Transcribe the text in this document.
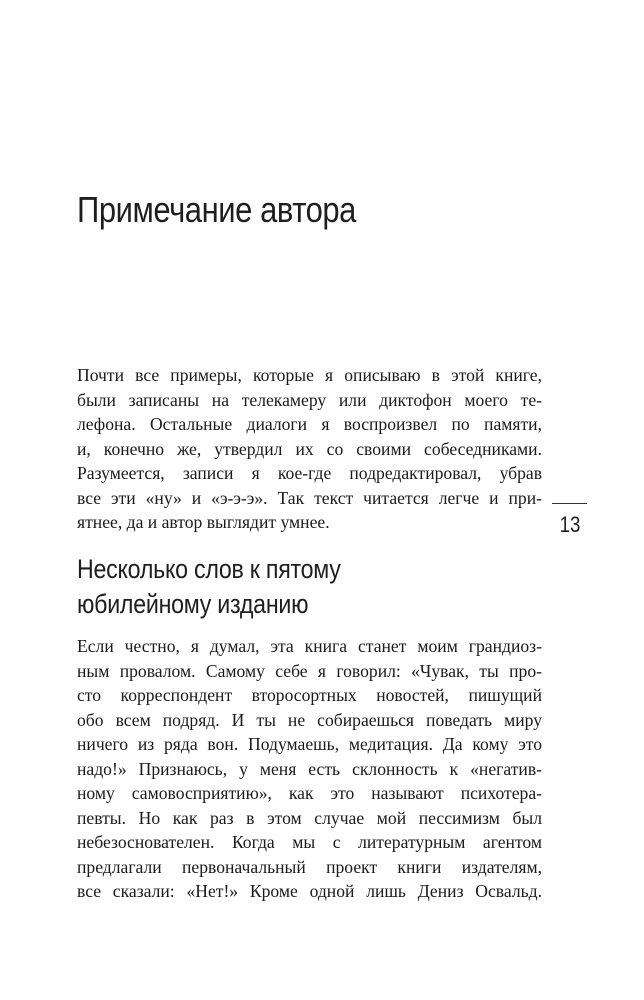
Примечание автора
Почти все примеры, которые я описываю в этой книге,
были записаны на телекамеру или диктофон моего те-
лефона. Остальные диалоги я воспроизвел по памяти,
и, конечно же, утвердил их со своими собеседниками.
Разумеется, записи я кое-где подредактировал, убрав
все эти «ну» и «э-э-э». Так текст читается легче и при-
ятнее, да и автор выглядит умнее.	13
Несколько слов к пятому
юбилейному изданию
Если честно, я думал, эта книга станет моим грандиоз-
ным провалом. Самому себе я говорил: «Чувак, ты про-
сто корреспондент второсортных новостей, пишущий
обо всем подряд. И ты не собираешься поведать миру
ничего из ряда вон. Подумаешь, медитация. Да кому это
надо!» Признаюсь, у меня есть склонность к «негатив-
ному самовосприятию», как это называют психотера-
певты. Но как раз в этом случае мой пессимизм был
небезоснователен. Когда мы с литературным агентом
предлагали первоначальный проект книги издателям,
все сказали: «Нет!» Кроме одной лишь Дениз Освальд.
